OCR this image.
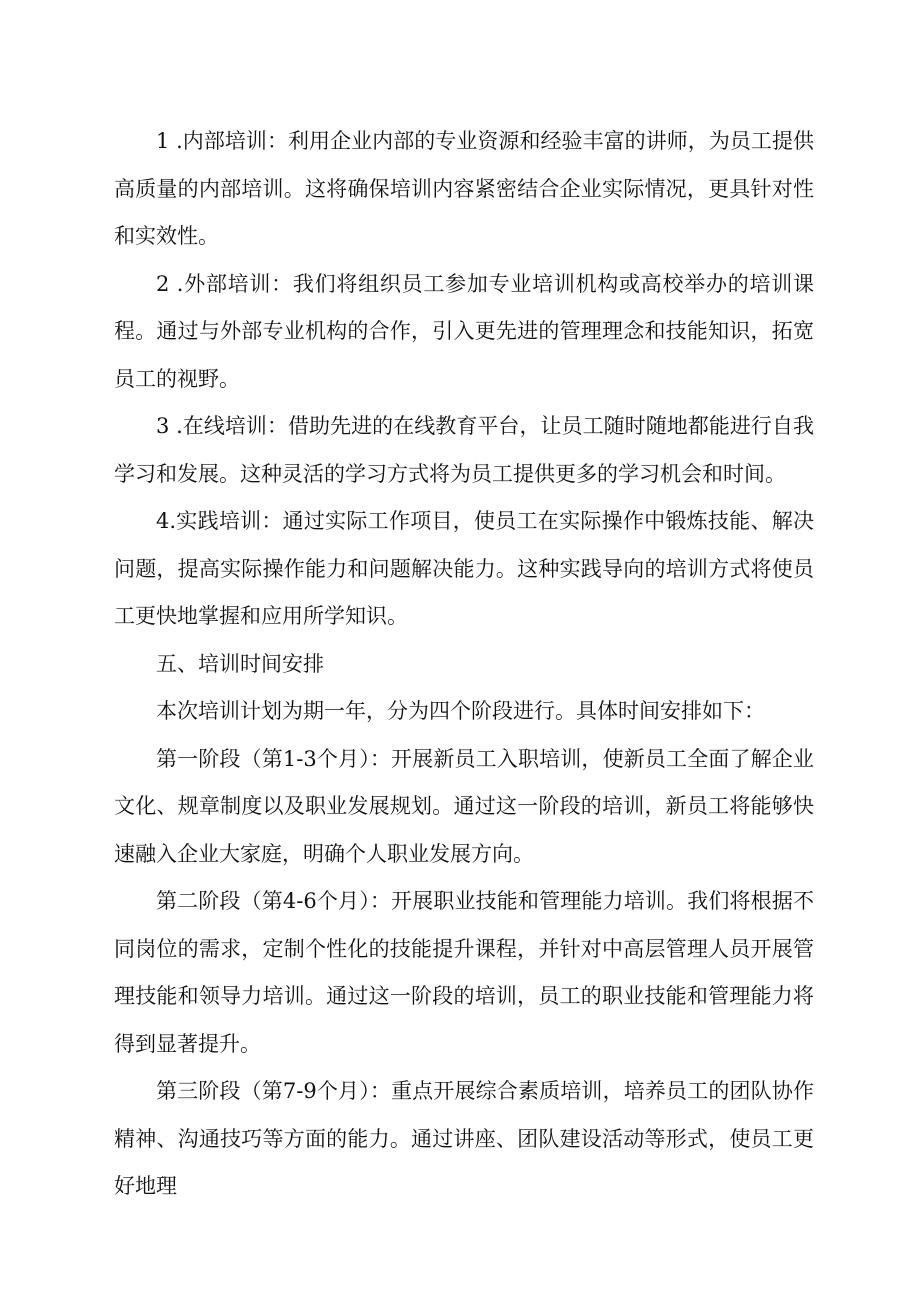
1 .内部培训：利用企业内部的专业资源和经验丰富的讲师，为员工提供高质量的内部培训。这将确保培训内容紧密结合企业实际情况，更具针对性和实效性。

2 .外部培训：我们将组织员工参加专业培训机构或高校举办的培训课程。通过与外部专业机构的合作，引入更先进的管理理念和技能知识，拓宽员工的视野。

3 .在线培训：借助先进的在线教育平台，让员工随时随地都能进行自我学习和发展。这种灵活的学习方式将为员工提供更多的学习机会和时间。

4.实践培训：通过实际工作项目，使员工在实际操作中锻炼技能、解决问题，提高实际操作能力和问题解决能力。这种实践导向的培训方式将使员工更快地掌握和应用所学知识。

五、培训时间安排

本次培训计划为期一年，分为四个阶段进行。具体时间安排如下：

第一阶段（第1-3个月）：开展新员工入职培训，使新员工全面了解企业文化、规章制度以及职业发展规划。通过这一阶段的培训，新员工将能够快速融入企业大家庭，明确个人职业发展方向。

第二阶段（第4-6个月）：开展职业技能和管理能力培训。我们将根据不同岗位的需求，定制个性化的技能提升课程，并针对中高层管理人员开展管理技能和领导力培训。通过这一阶段的培训，员工的职业技能和管理能力将得到显著提升。

第三阶段（第7-9个月）：重点开展综合素质培训，培养员工的团队协作精神、沟通技巧等方面的能力。通过讲座、团队建设活动等形式，使员工更好地理
